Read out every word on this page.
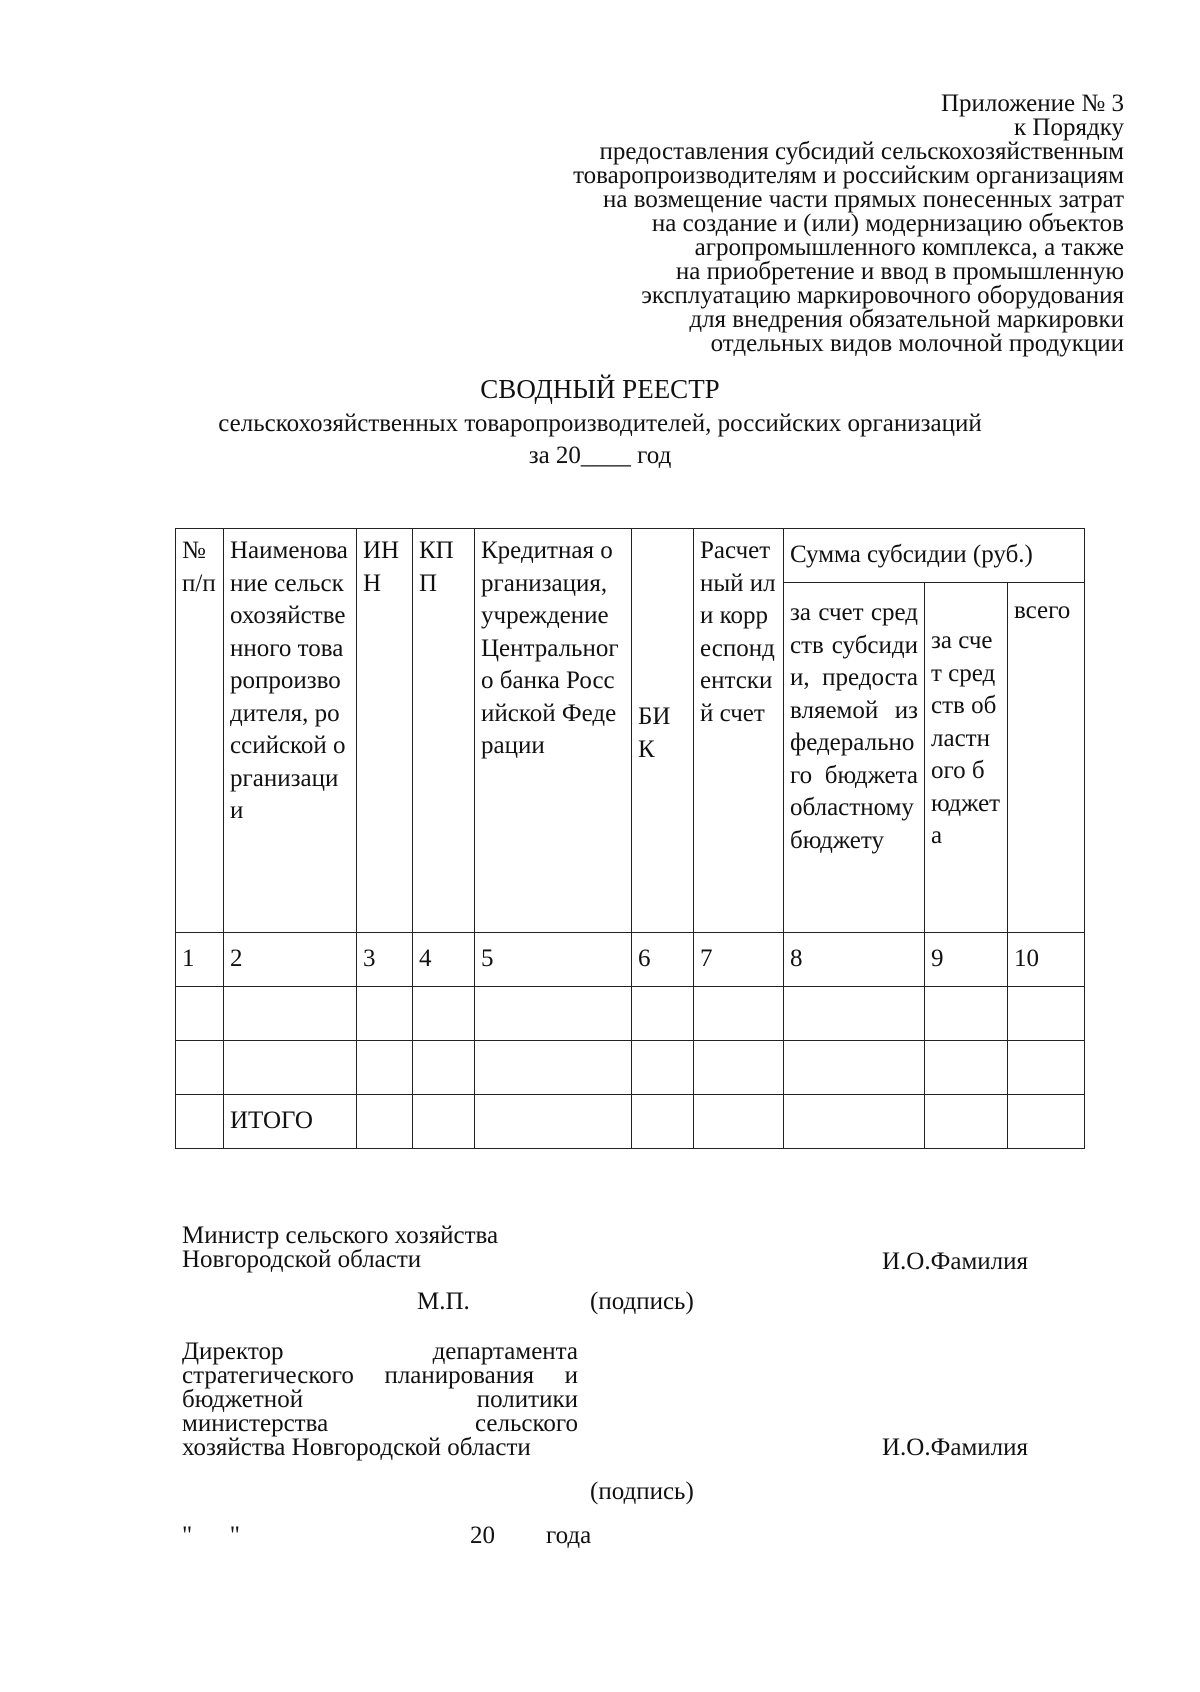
Приложение № 3
к Порядку
предоставления субсидий сельскохозяйственным
товаропроизводителям и российским организациям
на возмещение части прямых понесенных затрат
на создание и (или) модернизацию объектов
агропромышленного комплекса, а также
на приобретение и ввод в промышленную
эксплуатацию маркировочного оборудования
для внедрения обязательной маркировки
отдельных видов молочной продукции
СВОДНЫЙ РЕЕСТР
сельскохозяйственных товаропроизводителей, российских организаций
за 20____ год
№ п/п	Наименование сельскохозяйственного товаропроизводителя, российской организации	ИНН	КПП	Кредитная организация, учреждение Центрального банка Российской Федерации	БИК	Расчетный или корреспондентский счет	Сумма субсидии (руб.)		
							за счет средств субсидии, предоставляемой из федерального бюджета областному бюджету	за счет средств областного бюджета	всего
1	2	3	4	5	6	7	8	9	10

	ИТОГО								
Министр сельского хозяйства
Новгородской области	И.О.Фамилия
М.П.	(подпись)
Директор департамента
стратегического планирования и
бюджетной политики
министерства сельского
хозяйства Новгородской области	И.О.Фамилия
(подпись)
"      "	20 года
